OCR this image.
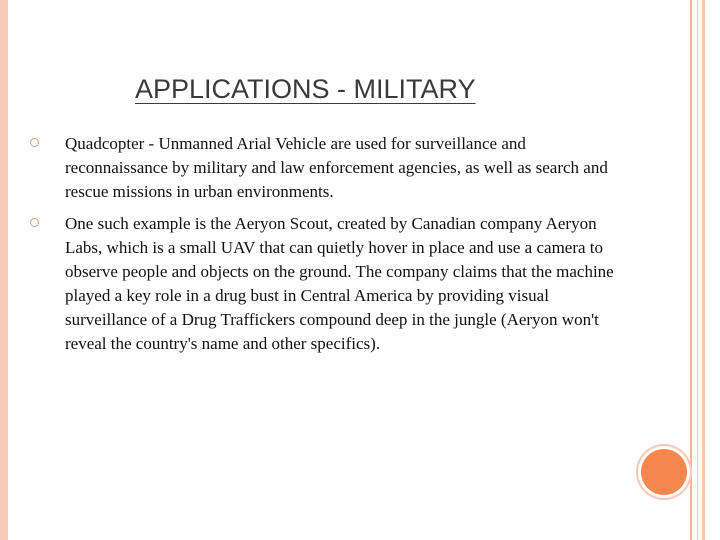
APPLICATIONS - MILITARY
Quadcopter - Unmanned Arial Vehicle are used for surveillance and reconnaissance by military and law enforcement agencies, as well as search and rescue missions in urban environments.
One such example is the Aeryon Scout, created by Canadian company Aeryon Labs, which is a small UAV that can quietly hover in place and use a camera to observe people and objects on the ground. The company claims that the machine played a key role in a drug bust in Central America by providing visual surveillance of a Drug Traffickers compound deep in the jungle (Aeryon won't reveal the country's name and other specifics).
